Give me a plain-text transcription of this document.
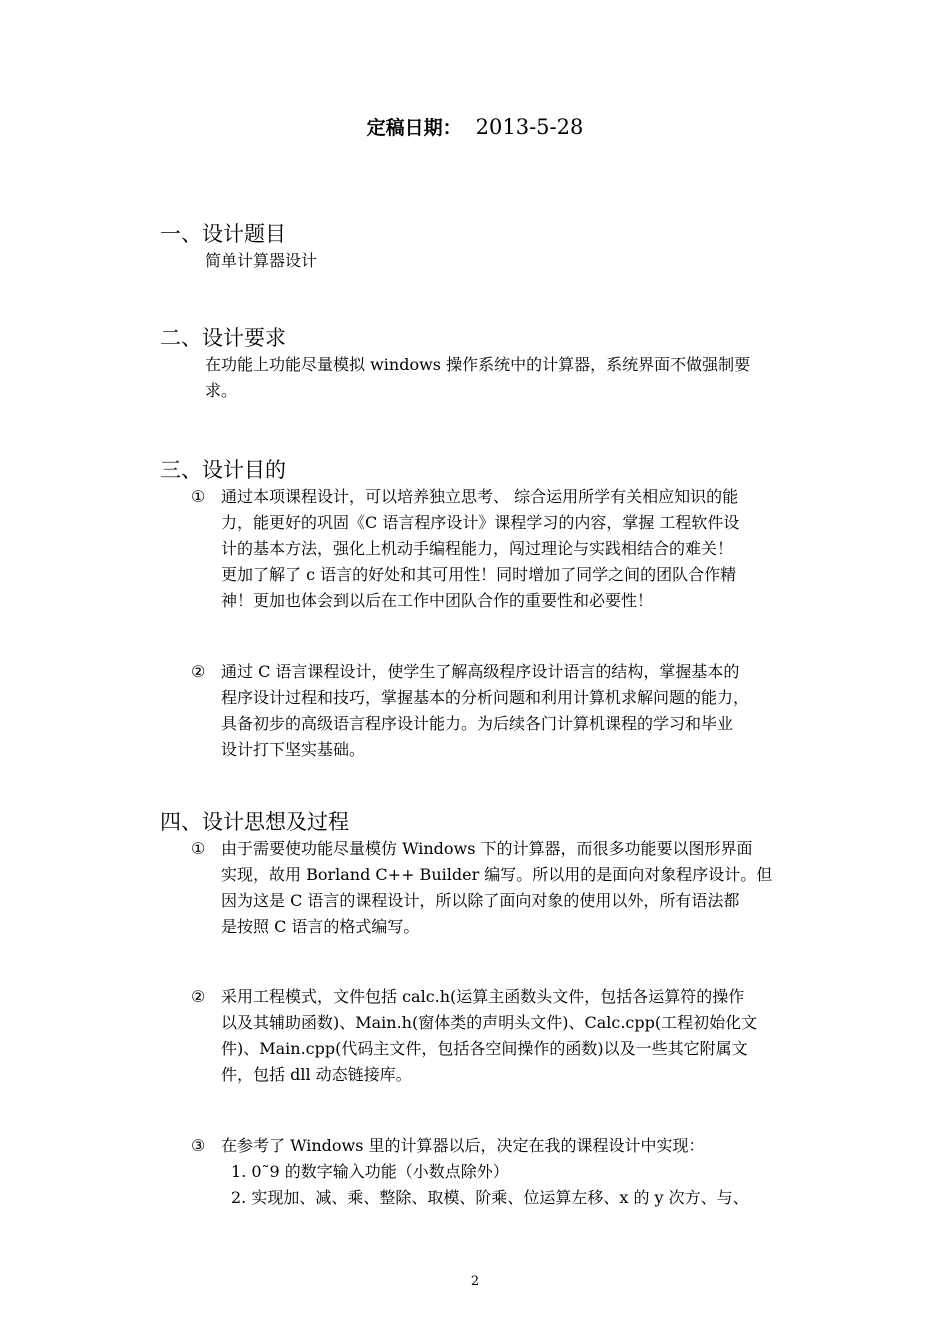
定稿日期： 2013-5-28
一、设计题目
简单计算器设计
二、设计要求
在功能上功能尽量模拟 windows 操作系统中的计算器，系统界面不做强制要
求。
三、设计目的
① 通过本项课程设计，可以培养独立思考、 综合运用所学有关相应知识的能
力，能更好的巩固《C 语言程序设计》课程学习的内容，掌握 工程软件设
计的基本方法，强化上机动手编程能力，闯过理论与实践相结合的难关！
更加了解了 c 语言的好处和其可用性！同时增加了同学之间的团队合作精
神！更加也体会到以后在工作中团队合作的重要性和必要性！
② 通过 C 语言课程设计，使学生了解高级程序设计语言的结构，掌握基本的
程序设计过程和技巧，掌握基本的分析问题和利用计算机求解问题的能力，
具备初步的高级语言程序设计能力。为后续各门计算机课程的学习和毕业
设计打下坚实基础。
四、设计思想及过程
① 由于需要使功能尽量模仿 Windows 下的计算器，而很多功能要以图形界面
实现，故用 Borland C++ Builder 编写。所以用的是面向对象程序设计。但
因为这是 C 语言的课程设计，所以除了面向对象的使用以外，所有语法都
是按照 C 语言的格式编写。
② 采用工程模式，文件包括 calc.h(运算主函数头文件，包括各运算符的操作
以及其辅助函数)、Main.h(窗体类的声明头文件)、Calc.cpp(工程初始化文
件)、Main.cpp(代码主文件，包括各空间操作的函数)以及一些其它附属文
件，包括 dll 动态链接库。
③ 在参考了 Windows 里的计算器以后，决定在我的课程设计中实现：
1. 0˜9 的数字输入功能（小数点除外）
2. 实现加、减、乘、整除、取模、阶乘、位运算左移、x 的 y 次方、与、
2
